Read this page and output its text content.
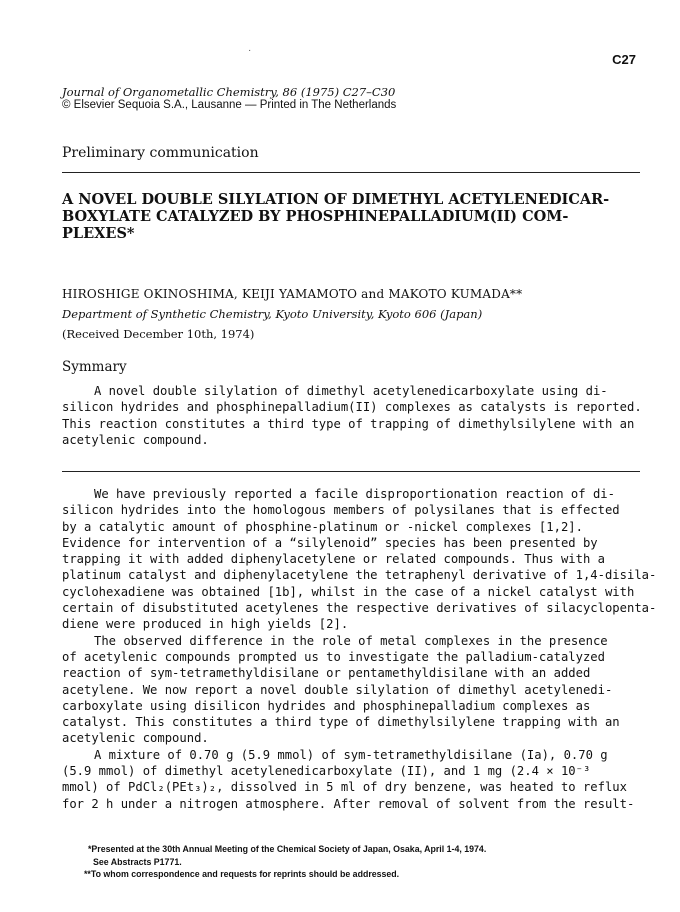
·
C27
Journal of Organometallic Chemistry, 86 (1975) C27–C30
© Elsevier Sequoia S.A., Lausanne — Printed in The Netherlands
Preliminary communication
A NOVEL DOUBLE SILYLATION OF DIMETHYL ACETYLENEDICAR-
BOXYLATE CATALYZED BY PHOSPHINEPALLADIUM(II) COM-
PLEXES*
HIROSHIGE OKINOSHIMA, KEIJI YAMAMOTO and MAKOTO KUMADA**
Department of Synthetic Chemistry, Kyoto University, Kyoto 606 (Japan)
(Received December 10th, 1974)
Symmary
A novel double silylation of dimethyl acetylenedicarboxylate using di-
silicon hydrides and phosphinepalladium(II) complexes as catalysts is reported.
This reaction constitutes a third type of trapping of dimethylsilylene with an
acetylenic compound.
We have previously reported a facile disproportionation reaction of di-
silicon hydrides into the homologous members of polysilanes that is effected
by a catalytic amount of phosphine-platinum or -nickel complexes [1,2].
Evidence for intervention of a “silylenoid” species has been presented by
trapping it with added diphenylacetylene or related compounds. Thus with a
platinum catalyst and diphenylacetylene the tetraphenyl derivative of 1,4-disila-
cyclohexadiene was obtained [1b], whilst in the case of a nickel catalyst with
certain of disubstituted acetylenes the respective derivatives of silacyclopenta-
diene were produced in high yields [2].
The observed difference in the role of metal complexes in the presence
of acetylenic compounds prompted us to investigate the palladium-catalyzed
reaction of sym-tetramethyldisilane or pentamethyldisilane with an added
acetylene. We now report a novel double silylation of dimethyl acetylenedi-
carboxylate using disilicon hydrides and phosphinepalladium complexes as
catalyst. This constitutes a third type of dimethylsilylene trapping with an
acetylenic compound.
A mixture of 0.70 g (5.9 mmol) of sym-tetramethyldisilane (Ia), 0.70 g
(5.9 mmol) of dimethyl acetylenedicarboxylate (II), and 1 mg (2.4 × 10⁻³
mmol) of PdCl₂(PEt₃)₂, dissolved in 5 ml of dry benzene, was heated to reflux
for 2 h under a nitrogen atmosphere. After removal of solvent from the result-
*Presented at the 30th Annual Meeting of the Chemical Society of Japan, Osaka, April 1-4, 1974.
See Abstracts P1771.
**To whom correspondence and requests for reprints should be addressed.
